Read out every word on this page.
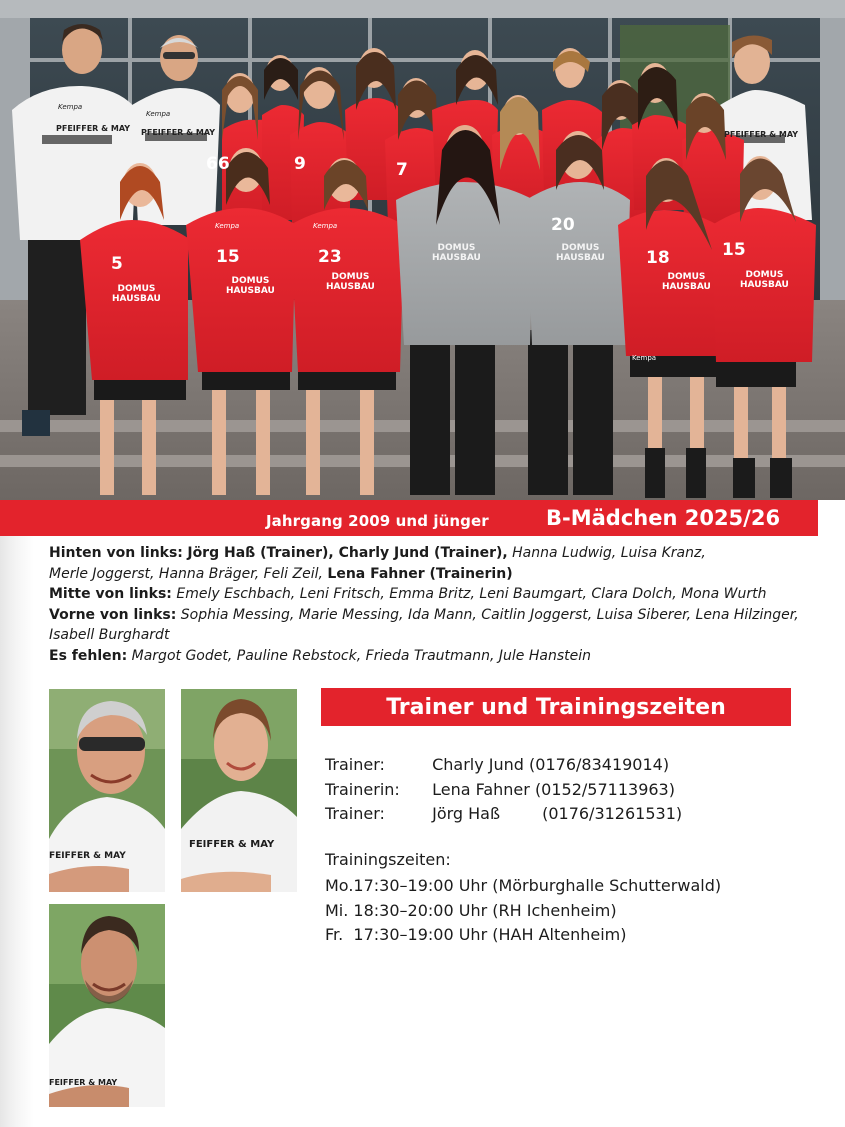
66	9	7
5	15	23
20
18	15
PFEIFFER & MAY PFEIFFER & MAY	PFEIFFER & MAY
DOMUS
HAUSBAU
DOMUS
HAUSBAU
DOMUS
HAUSBAU
DOMUS
HAUSBAU
DOMUS
HAUSBAU
DOMUS
HAUSBAU
DOMUS
HAUSBAU
Kempa
Kempa
Kempa	Kempa
Kempa
Jahrgang 2009 und jünger	B-Mädchen 2025/26

Hinten von links: Jörg Haß (Trainer), Charly Jund (Trainer), Hanna Ludwig, Luisa Kranz,
Merle Joggerst, Hanna Bräger, Feli Zeil, Lena Fahner (Trainerin)

Mitte von links: Emely Eschbach, Leni Fritsch, Emma Britz, Leni Baumgart, Clara Dolch, Mona Wurth

Vorne von links: Sophia Messing, Marie Messing, Ida Mann, Caitlin Joggerst, Luisa Siberer, Lena Hilzinger,
Isabell Burghardt

Es fehlen: Margot Godet, Pauline Rebstock, Frieda Trautmann, Jule Hanstein

FEIFFER & MAY
FEIFFER & MAY
FEIFFER & MAY
Trainer und Trainingszeiten
Trainer:	Charly Jund (0176/83419014)
Trainerin: Lena Fahner (0152/57113963)
Trainer:	Jörg Haß	(0176/31261531)
Trainingszeiten:
Mo.17:30–19:00 Uhr (Mörburghalle Schutterwald)
Mi. 18:30–20:00 Uhr (RH Ichenheim)
Fr.  17:30–19:00 Uhr (HAH Altenheim)
